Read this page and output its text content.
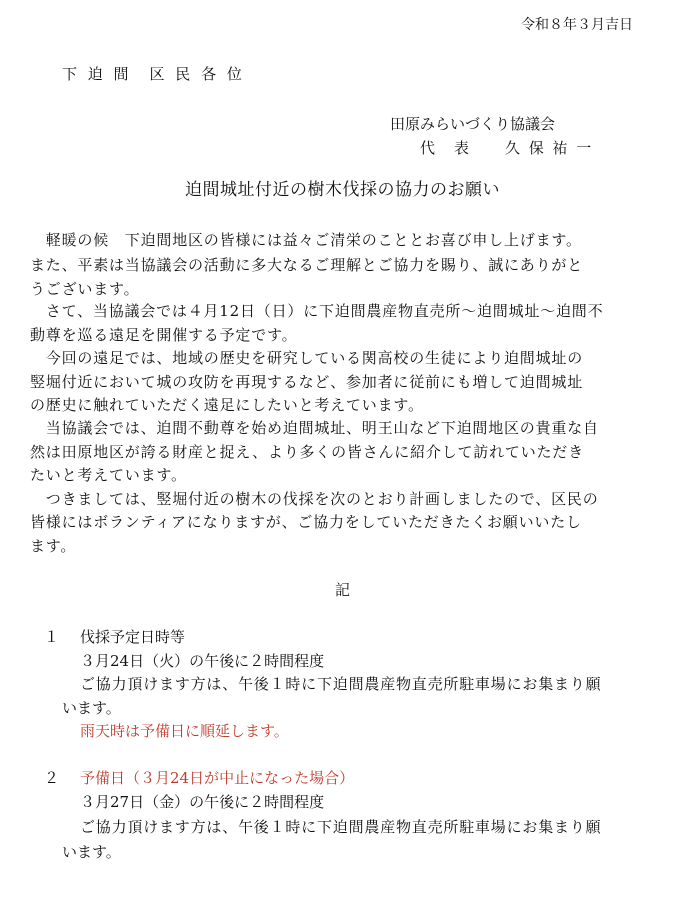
令和８年３月吉日
下 迫 間　区 民 各 位
田原みらいづくり協議会
代　表　　久 保 祐 一
迫間城址付近の樹木伐採の協力のお願い
　軽暖の候　下迫間地区の皆様には益々ご清栄のこととお喜び申し上げます。
また、平素は当協議会の活動に多大なるご理解とご協力を賜り、誠にありがと
うございます。
　さて、当協議会では４月12日（日）に下迫間農産物直売所〜迫間城址〜迫間不
動尊を巡る遠足を開催する予定です。
　今回の遠足では、地域の歴史を研究している関高校の生徒により迫間城址の
竪堀付近において城の攻防を再現するなど、参加者に従前にも増して迫間城址
の歴史に触れていただく遠足にしたいと考えています。
　当協議会では、迫間不動尊を始め迫間城址、明王山など下迫間地区の貴重な自
然は田原地区が誇る財産と捉え、より多くの皆さんに紹介して訪れていただき
たいと考えています。
　つきましては、竪堀付近の樹木の伐採を次のとおり計画しましたので、区民の
皆様にはボランティアになりますが、ご協力をしていただきたくお願いいたし
ます。
記
１ 伐採予定日時等
３月24日（火）の午後に２時間程度
ご協力頂けます方は、午後１時に下迫間農産物直売所駐車場にお集まり願
います。
雨天時は予備日に順延します。
２ 予備日（３月24日が中止になった場合）
３月27日（金）の午後に２時間程度
ご協力頂けます方は、午後１時に下迫間農産物直売所駐車場にお集まり願
います。
